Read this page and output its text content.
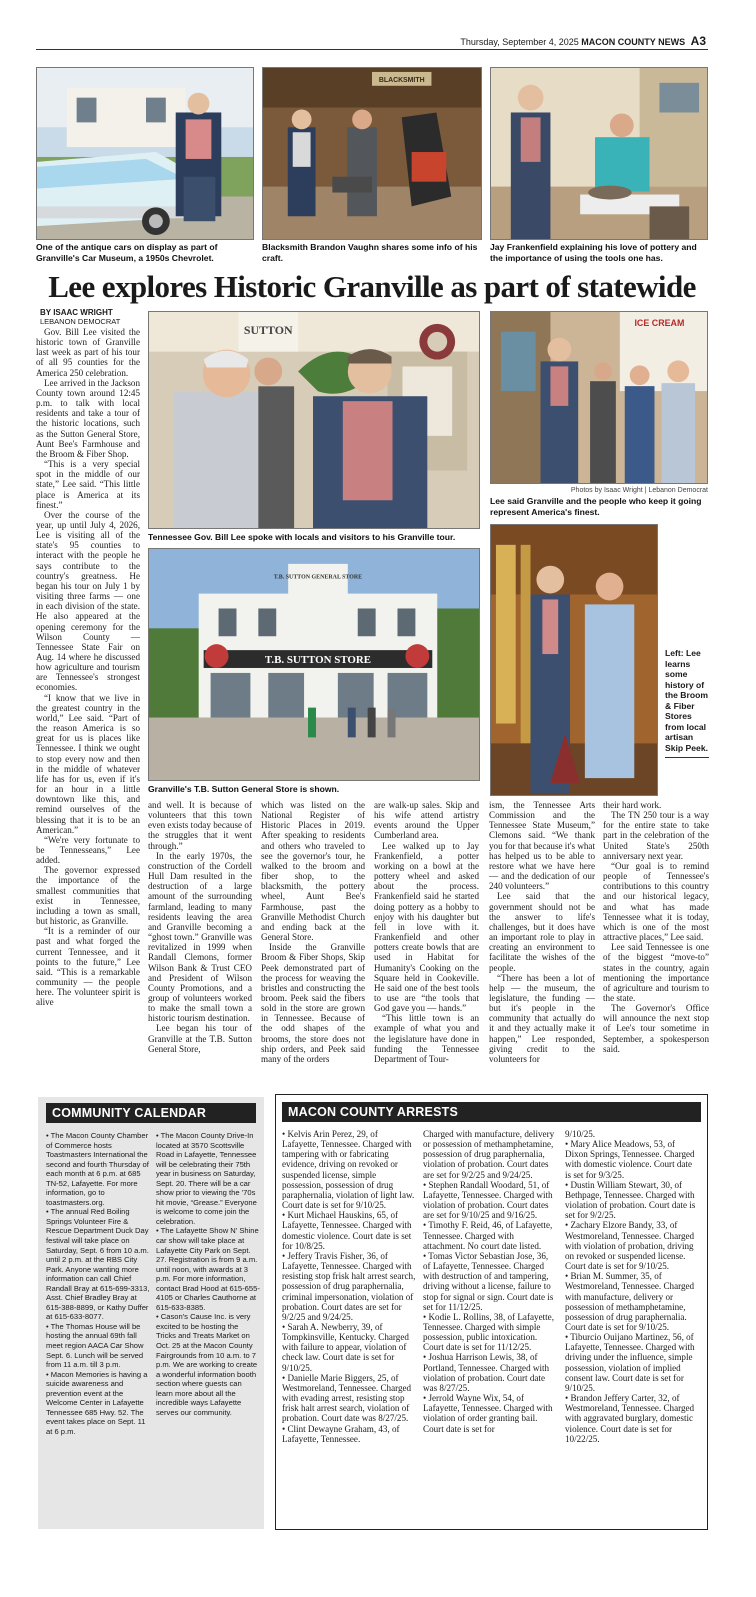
Thursday, September 4, 2025 MACON COUNTY NEWS A3
One of the antique cars on display as part of Granville's Car Museum, a 1950s Chevrolet.
BLACKSMITH
Blacksmith Brandon Vaughn shares some info of his craft.
Jay Frankenfield explaining his love of pottery and the importance of using the tools one has.
Lee explores Historic Granville as part of statewide
BY ISAAC WRIGHT
LEBANON DEMOCRAT

Gov. Bill Lee visited the historic town of Granville last week as part of his tour of all 95 counties for the America 250 celebration.

Lee arrived in the Jackson County town around 12:45 p.m. to talk with local residents and take a tour of the historic locations, such as the Sutton General Store, Aunt Bee's Farmhouse and the Broom & Fiber Shop.

“This is a very special spot in the middle of our state,” Lee said. “This little place is America at its finest.”

Over the course of the year, up until July 4, 2026, Lee is visiting all of the state's 95 counties to interact with the people he says contribute to the country's greatness. He began his tour on July 1 by visiting three farms — one in each division of the state. He also appeared at the opening ceremony for the Wilson County — Tennessee State Fair on Aug. 14 where he discussed how agriculture and tourism are Tennessee's strongest economies.

“I know that we live in the greatest country in the world,” Lee said. “Part of the reason America is so great for us is places like Tennessee. I think we ought to stop every now and then in the middle of whatever life has for us, even if it's for an hour in a little downtown like this, and remind ourselves of the blessing that it is to be an American.”

“We're very fortunate to be Tennesseans,” Lee added.

The governor expressed the importance of the smallest communities that exist in Tennessee, including a town as small, but historic, as Granville.

“It is a reminder of our past and what forged the current Tennessee, and it points to the future,” Lee said. “This is a remarkable community — the people here. The volunteer spirit is alive

SUTTON
Tennessee Gov. Bill Lee spoke with locals and visitors to his Granville tour.
ICE CREAM
Photos by Isaac Wright | Lebanon Democrat
Lee said Granville and the people who keep it going represent America's finest.
T.B. SUTTON GENERAL STORE
T.B. SUTTON STORE
Granville's T.B. Sutton General Store is shown.
Left: Lee learns some history of the Broom & Fiber Stores from local artisan Skip Peek.

and well. It is because of volunteers that this town even exists today because of the struggles that it went through.”

In the early 1970s, the construction of the Cordell Hull Dam resulted in the destruction of a large amount of the surrounding farmland, leading to many residents leaving the area and Granville becoming a “ghost town.” Granville was revitalized in 1999 when Randall Clemons, former Wilson Bank & Trust CEO and President of Wilson County Promotions, and a group of volunteers worked to make the small town a historic tourism destination.

Lee began his tour of Granville at the T.B. Sutton General Store,

which was listed on the National Register of Historic Places in 2019. After speaking to residents and others who traveled to see the governor's tour, he walked to the broom and fiber shop, to the blacksmith, the pottery wheel, Aunt Bee's Farmhouse, past the Granville Methodist Church and ending back at the General Store.

Inside the Granville Broom & Fiber Shops, Skip Peek demonstrated part of the process for weaving the bristles and constructing the broom. Peek said the fibers sold in the store are grown in Tennessee. Because of the odd shapes of the brooms, the store does not ship orders, and Peek said many of the orders

are walk-up sales. Skip and his wife attend artistry events around the Upper Cumberland area.

Lee walked up to Jay Frankenfield, a potter working on a bowl at the pottery wheel and asked about the process. Frankenfield said he started doing pottery as a hobby to enjoy with his daughter but fell in love with it. Frankenfield and other potters create bowls that are used in Habitat for Humanity's Cooking on the Square held in Cookeville. He said one of the best tools to use are “the tools that God gave you — hands.”

“This little town is an example of what you and the legislature have done in funding the Tennessee Department of Tour-

ism, the Tennessee Arts Commission and the Tennessee State Museum,” Clemons said. “We thank you for that because it's what has helped us to be able to restore what we have here — and the dedication of our 240 volunteers.”

Lee said that the government should not be the answer to life's challenges, but it does have an important role to play in creating an environment to facilitate the wishes of the people.

“There has been a lot of help — the museum, the legislature, the funding — but it's people in the community that actually do it and they actually make it happen,” Lee responded, giving credit to the volunteers for

their hard work.

The TN 250 tour is a way for the entire state to take part in the celebration of the United State's 250th anniversary next year.

“Our goal is to remind people of Tennessee's contributions to this country and our historical legacy, and what has made Tennessee what it is today, which is one of the most attractive places,” Lee said.

Lee said Tennessee is one of the biggest “move-to” states in the country, again mentioning the importance of agriculture and tourism to the state.

The Governor's Office will announce the next stop of Lee's tour sometime in September, a spokesperson said.

COMMUNITY CALENDAR

• The Macon County Chamber of Commerce hosts Toastmasters International the second and fourth Thursday of each month at 6 p.m. at 685 TN-52, Lafayette. For more information, go to toastmasters.org.

• The annual Red Boiling Springs Volunteer Fire & Rescue Department Duck Day festival will take place on Saturday, Sept. 6 from 10 a.m. until 2 p.m. at the RBS City Park. Anyone wanting more information can call Chief Randall Bray at 615-699-3313, Asst. Chief Bradley Bray at 615-388-8899, or Kathy Duffer at 615-633-8077.

• The Thomas House will be hosting the annual 69th fall meet region AACA Car Show Sept. 6. Lunch will be served from 11 a.m. till 3 p.m.

• Macon Memories is having a suicide awareness and prevention event at the Welcome Center in Lafayette Tennessee 685 Hwy. 52. The event takes place on Sept. 11 at 6 p.m.

• The Macon County Drive-In located at 3570 Scottsville Road in Lafayette, Tennessee will be celebrating their 75th year in business on Saturday, Sept. 20. There will be a car show prior to viewing the '70s hit movie, “Grease.” Everyone is welcome to come join the celebration.

• The Lafayette Show N' Shine car show will take place at Lafayette City Park on Sept. 27. Registration is from 9 a.m. until noon, with awards at 3 p.m. For more information, contact Brad Hood at 615-655-4105 or Charles Cauthorne at 615-633-8385.

• Cason's Cause Inc. is very excited to be hosting the Tricks and Treats Market on Oct. 25 at the Macon County Fairgrounds from 10 a.m. to 7 p.m. We are working to create a wonderful information booth section where guests can learn more about all the incredible ways Lafayette serves our community.

MACON COUNTY ARRESTS

• Kelvis Arin Perez, 29, of Lafayette, Tennessee. Charged with tampering with or fabricating evidence, driving on revoked or suspended license, simple possession, possession of drug paraphernalia, violation of light law. Court date is set for 9/10/25.

• Kurt Michael Hauskins, 65, of Lafayette, Tennessee. Charged with domestic violence. Court date is set for 10/8/25.

• Jeffery Travis Fisher, 36, of Lafayette, Tennessee. Charged with resisting stop frisk halt arrest search, possession of drug paraphernalia, criminal impersonation, violation of probation. Court dates are set for 9/2/25 and 9/24/25.

• Sarah A. Newberry, 39, of Tompkinsville, Kentucky. Charged with failure to appear, violation of check law. Court date is set for 9/10/25.

• Danielle Marie Biggers, 25, of Westmoreland, Tennessee. Charged with evading arrest, resisting stop frisk halt arrest search, violation of probation. Court date was 8/27/25.

• Clint Dewayne Graham, 43, of Lafayette, Tennessee.

Charged with manufacture, delivery or possession of methamphetamine, possession of drug paraphernalia, violation of probation. Court dates are set for 9/2/25 and 9/24/25.

• Stephen Randall Woodard, 51, of Lafayette, Tennessee. Charged with violation of probation. Court dates are set for 9/10/25 and 9/16/25.

• Timothy F. Reid, 46, of Lafayette, Tennessee. Charged with attachment. No court date listed.

• Tomas Victor Sebastian Jose, 36, of Lafayette, Tennessee. Charged with destruction of and tampering, driving without a license, failure to stop for signal or sign. Court date is set for 11/12/25.

• Kodie L. Rollins, 38, of Lafayette, Tennessee. Charged with simple possession, public intoxication. Court date is set for 11/12/25.

• Joshua Harrison Lewis, 38, of Portland, Tennessee. Charged with violation of probation. Court date was 8/27/25.

• Jerrold Wayne Wix, 54, of Lafayette, Tennessee. Charged with violation of order granting bail. Court date is set for

9/10/25.

• Mary Alice Meadows, 53, of Dixon Springs, Tennessee. Charged with domestic violence. Court date is set for 9/3/25.

• Dustin William Stewart, 30, of Bethpage, Tennessee. Charged with violation of probation. Court date is set for 9/2/25.

• Zachary Elzore Bandy, 33, of Westmoreland, Tennessee. Charged with violation of probation, driving on revoked or suspended license. Court date is set for 9/10/25.

• Brian M. Summer, 35, of Westmoreland, Tennessee. Charged with manufacture, delivery or possession of methamphetamine, possession of drug paraphernalia. Court date is set for 9/10/25.

• Tiburcio Ouijano Martinez, 56, of Lafayette, Tennessee. Charged with driving under the influence, simple possession, violation of implied consent law. Court date is set for 9/10/25.

• Brandon Jeffery Carter, 32, of Westmoreland, Tennessee. Charged with aggravated burglary, domestic violence. Court date is set for 10/22/25.
